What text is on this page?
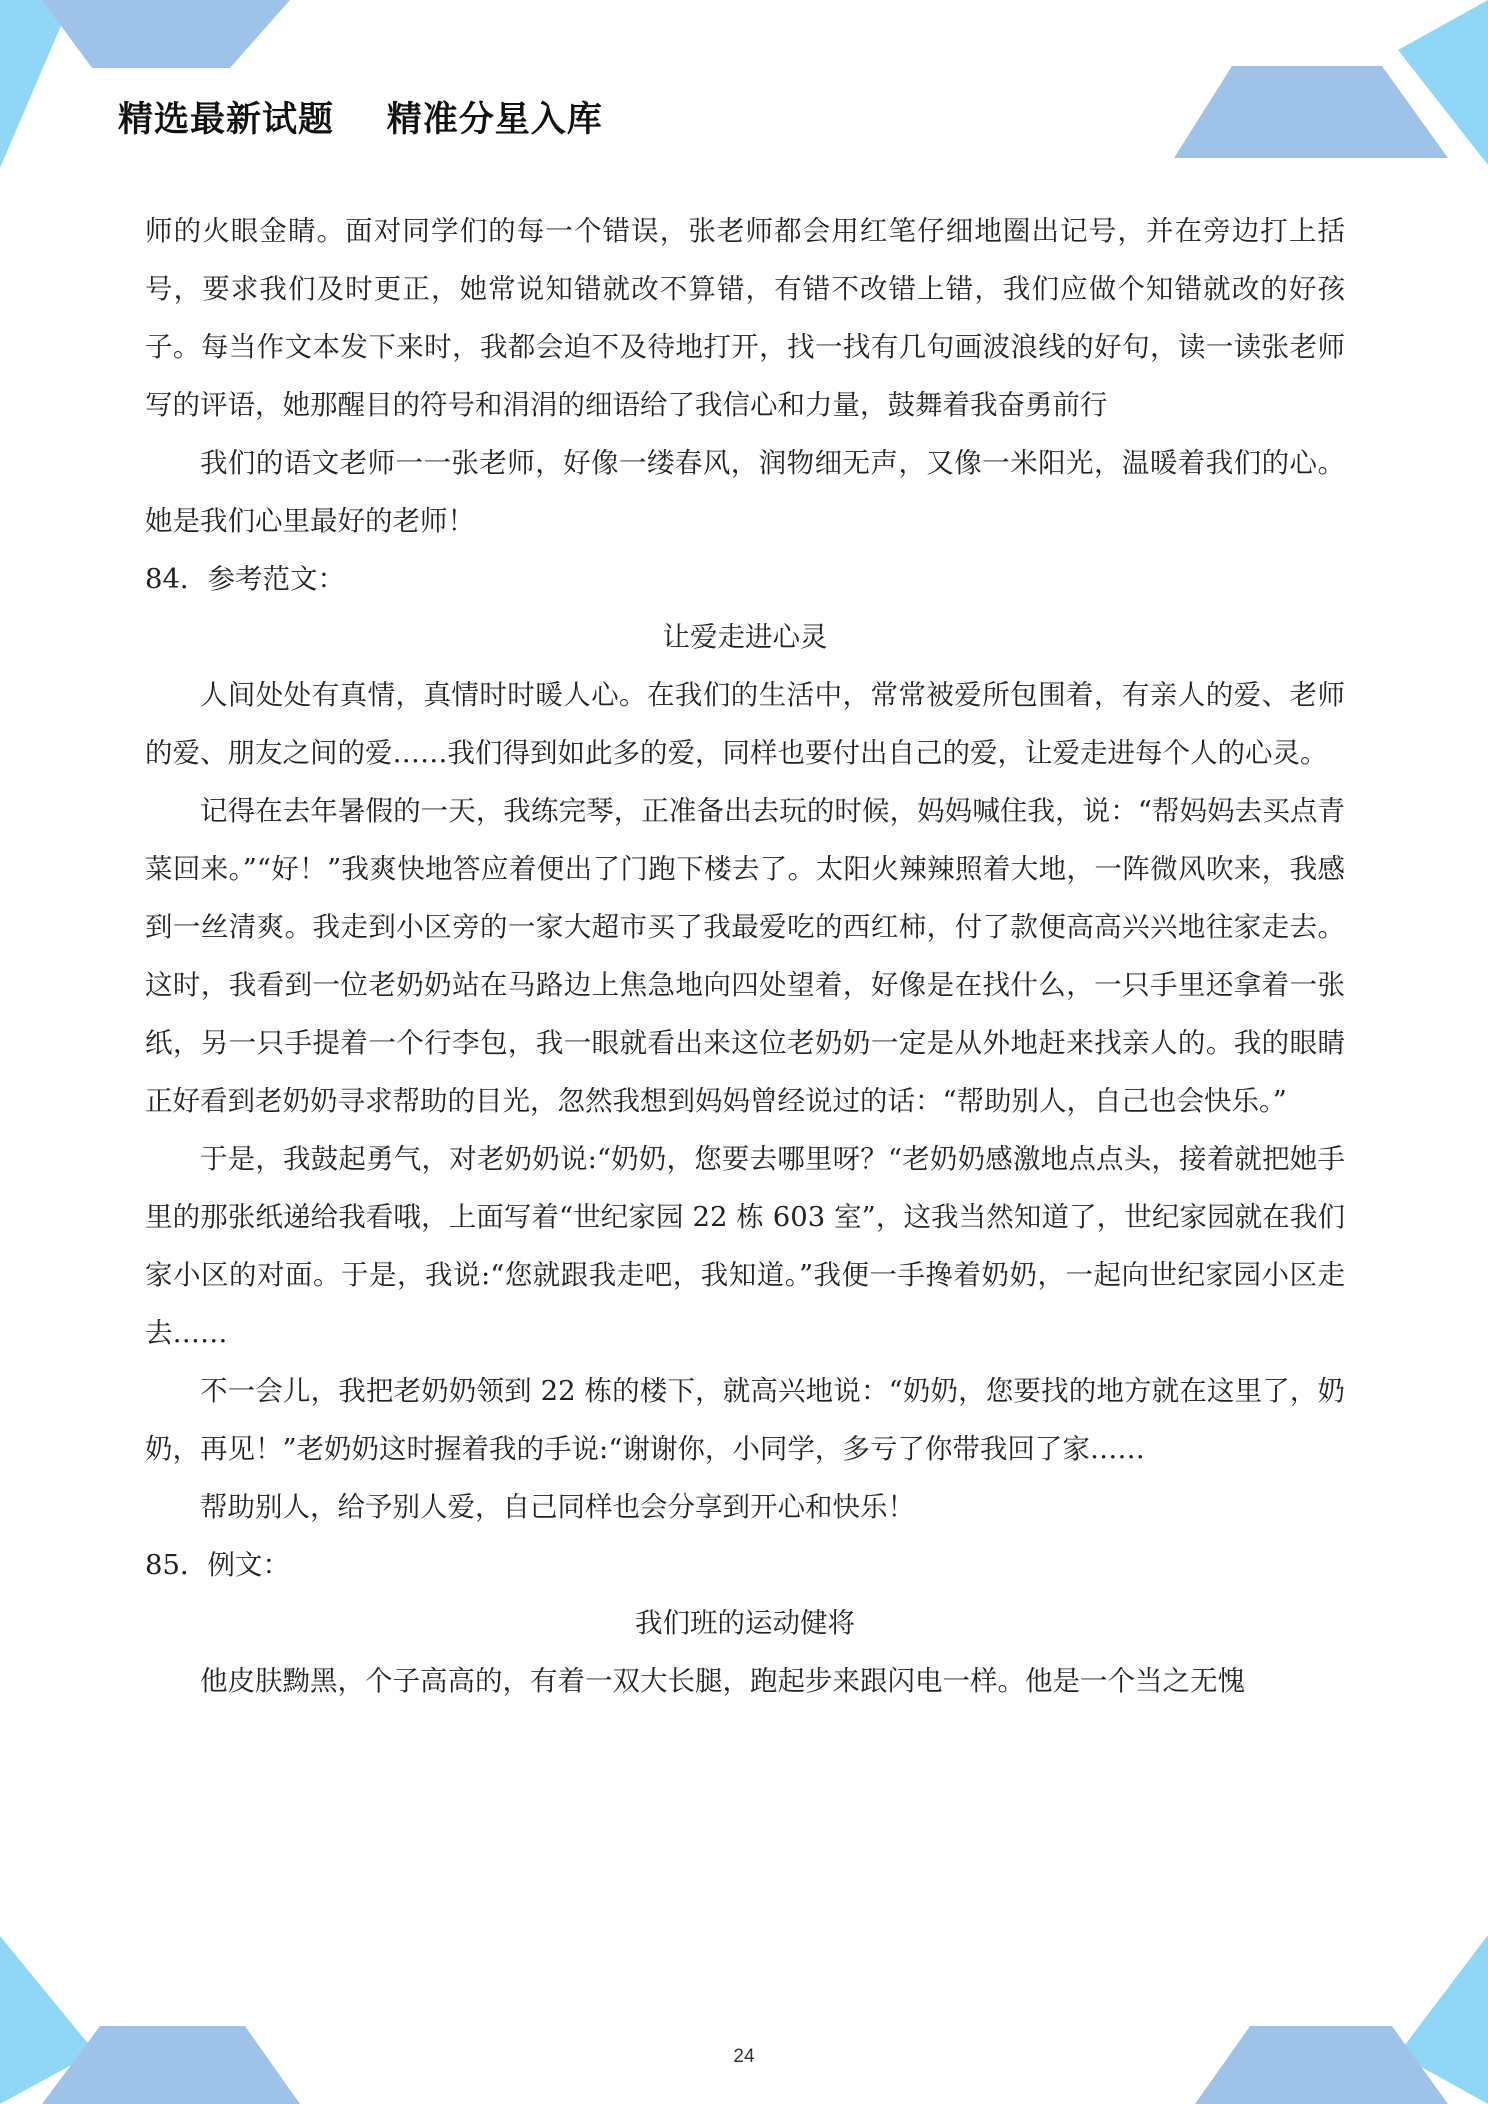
精选最新试题    精准分星入库

师的火眼金睛。面对同学们的每一个错误，张老师都会用红笔仔细地圈出记号，并在旁边打上括号，要求我们及时更正，她常说知错就改不算错，有错不改错上错，我们应做个知错就改的好孩子。每当作文本发下来时，我都会迫不及待地打开，找一找有几句画波浪线的好句，读一读张老师写的评语，她那醒目的符号和涓涓的细语给了我信心和力量，鼓舞着我奋勇前行

我们的语文老师一一张老师，好像一缕春风，润物细无声，又像一米阳光，温暖着我们的心。她是我们心里最好的老师！

84．参考范文：

让爱走进心灵

人间处处有真情，真情时时暖人心。在我们的生活中，常常被爱所包围着，有亲人的爱、老师的爱、朋友之间的爱……我们得到如此多的爱，同样也要付出自己的爱，让爱走进每个人的心灵。

记得在去年暑假的一天，我练完琴，正准备出去玩的时候，妈妈喊住我，说：“帮妈妈去买点青菜回来。”“好！”我爽快地答应着便出了门跑下楼去了。太阳火辣辣照着大地，一阵微风吹来，我感到一丝清爽。我走到小区旁的一家大超市买了我最爱吃的西红柿，付了款便高高兴兴地往家走去。这时，我看到一位老奶奶站在马路边上焦急地向四处望着，好像是在找什么，一只手里还拿着一张纸，另一只手提着一个行李包，我一眼就看出来这位老奶奶一定是从外地赶来找亲人的。我的眼睛正好看到老奶奶寻求帮助的目光，忽然我想到妈妈曾经说过的话：“帮助别人，自己也会快乐。”

于是，我鼓起勇气，对老奶奶说:“奶奶，您要去哪里呀？“老奶奶感激地点点头，接着就把她手里的那张纸递给我看哦，上面写着“世纪家园 22 栋 603 室”，这我当然知道了，世纪家园就在我们家小区的对面。于是，我说:“您就跟我走吧，我知道。”我便一手搀着奶奶，一起向世纪家园小区走去……

不一会儿，我把老奶奶领到 22 栋的楼下，就高兴地说：“奶奶，您要找的地方就在这里了，奶奶，再见！”老奶奶这时握着我的手说:“谢谢你，小同学，多亏了你带我回了家……

帮助别人，给予别人爱，自己同样也会分享到开心和快乐！

85．例文：

我们班的运动健将

他皮肤黝黑，个子高高的，有着一双大长腿，跑起步来跟闪电一样。他是一个当之无愧

24
